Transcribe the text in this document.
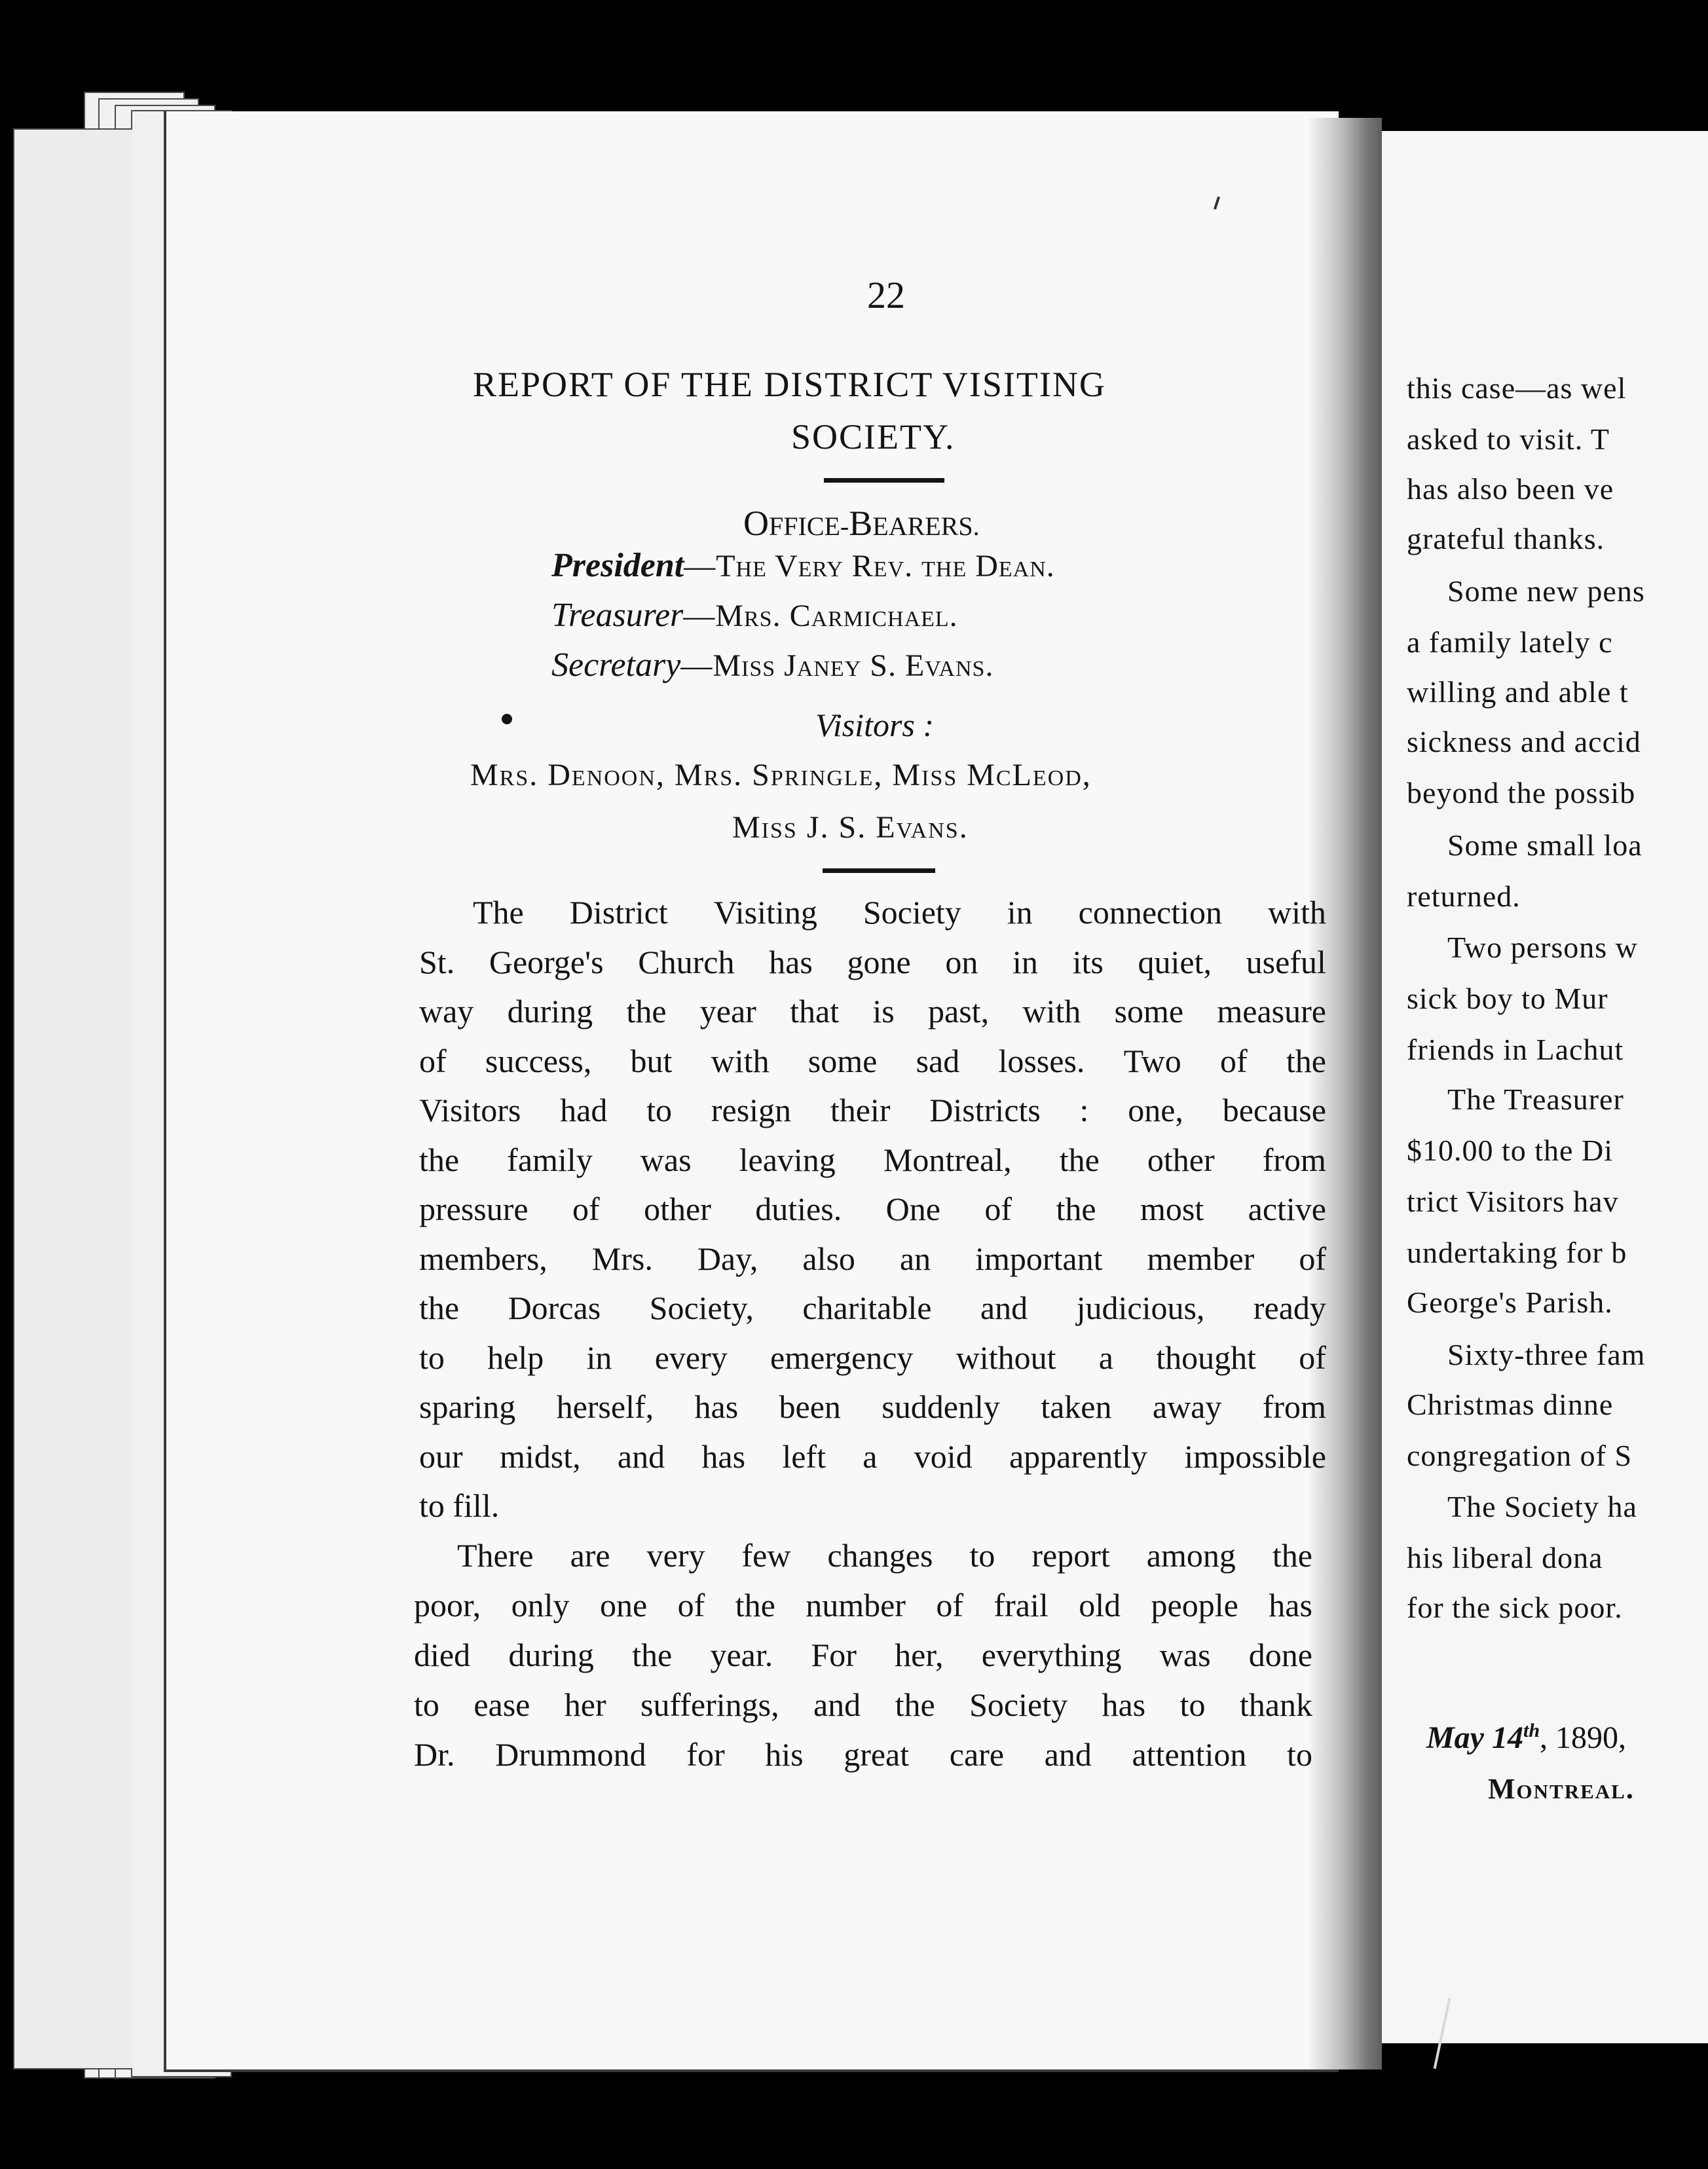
this case—as wel
asked to visit. T
has also been ve
grateful thanks.
Some new pens
a family lately c
willing and able t
sickness and accid
beyond the possib
Some small loa
returned.
Two persons w
sick boy to Mur
friends in Lachut
The Treasurer
$10.00 to the Di
trict Visitors hav
undertaking for b
George's Parish.
Sixty-three fam
Christmas dinne
congregation of S
The Society ha
his liberal dona
for the sick poor.
22
REPORT OF THE DISTRICT VISITING
SOCIETY.
OFFICE-BEARERS.
President—The Very Rev. the Dean.
Treasurer—Mrs. Carmichael.
Secretary—Miss Janey S. Evans.
Visitors :
Mrs. Denoon, Mrs. Springle, Miss McLeod,
Miss J. S. Evans.
The District Visiting Society in connection with
St. George's Church has gone on in its quiet, useful
way during the year that is past, with some measure
of success, but with some sad losses. Two of the
Visitors had to resign their Districts : one, because
the family was leaving Montreal, the other from
pressure of other duties. One of the most active
members, Mrs. Day, also an important member of
the Dorcas Society, charitable and judicious, ready
to help in every emergency without a thought of
sparing herself, has been suddenly taken away from
our midst, and has left a void apparently impossible
to fill.
There are very few changes to report among the
poor, only one of the number of frail old people has
died during the year. For her, everything was done
to ease her sufferings, and the Society has to thank
Dr. Drummond for his great care and attention to	May 14th, 1890,
Montreal.
